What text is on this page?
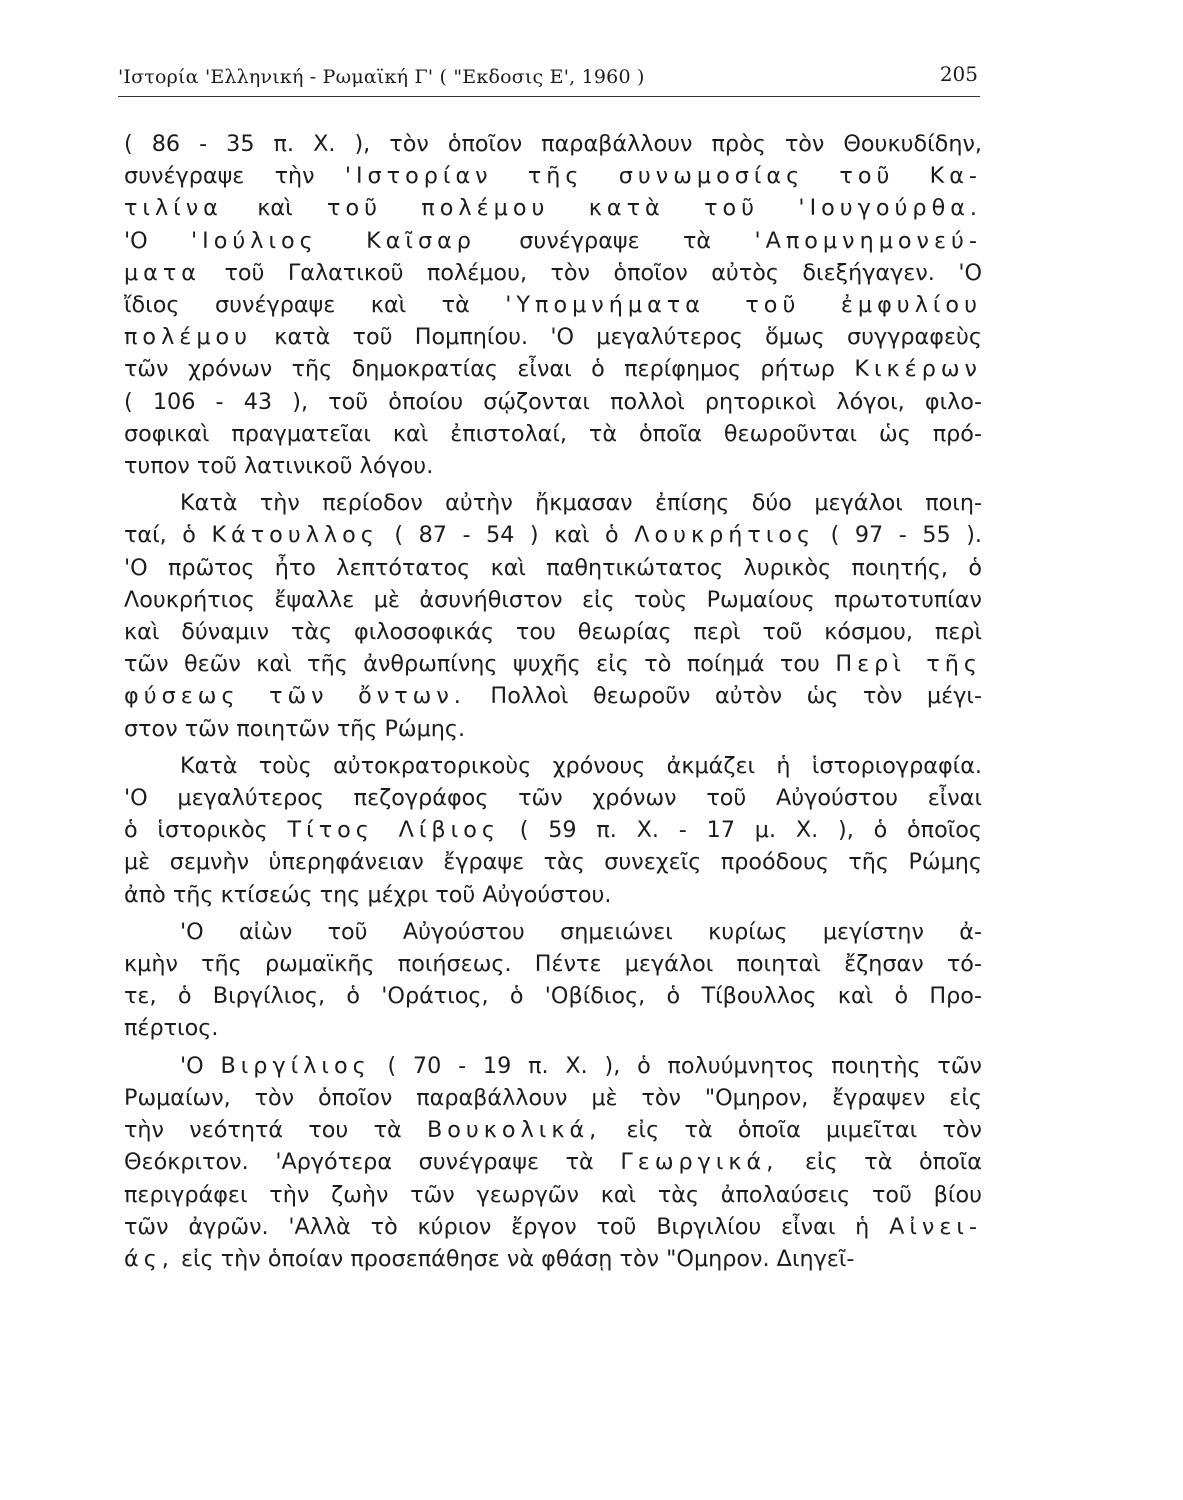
'Ιστορία 'Ελληνική - Ρωμαϊκή Γ' ( "Εκδοσις Ε', 1960 )	205

( 86 - 35 π. Χ. ), τὸν ὁποῖον παραβάλλουν πρὸς τὸν Θουκυδίδην,

συνέγραψε τὴν 'Ιστορίαν τῆς συνωμοσίας τοῦ Κα-

τιλίνα καὶ τοῦ πολέμου κατὰ τοῦ 'Ιουγούρθα.

'Ο 'Ιούλιος Καῖσαρ συνέγραψε τὰ 'Απομνημονεύ-

ματα τοῦ Γαλατικοῦ πολέμου, τὸν ὁποῖον αὐτὸς διεξήγαγεν. 'Ο

ἴδιος συνέγραψε καὶ τὰ 'Υπομνήματα τοῦ ἐμφυλίου

πολέμου κατὰ τοῦ Πομπηίου. 'Ο μεγαλύτερος ὅμως συγγραφεὺς

τῶν χρόνων τῆς δημοκρατίας εἶναι ὁ περίφημος ρήτωρ Κικέρων

( 106 - 43 ), τοῦ ὁποίου σῴζονται πολλοὶ ρητορικοὶ λόγοι, φιλο-

σοφικαὶ πραγματεῖαι καὶ ἐπιστολαί, τὰ ὁποῖα θεωροῦνται ὡς πρό-

τυπον τοῦ λατινικοῦ λόγου.

Κατὰ τὴν περίοδον αὐτὴν ἤκμασαν ἐπίσης δύο μεγάλοι ποιη-

ταί, ὁ Κάτουλλος ( 87 - 54 ) καὶ ὁ Λουκρήτιος ( 97 - 55 ).

'Ο πρῶτος ἦτο λεπτότατος καὶ παθητικώτατος λυρικὸς ποιητής, ὁ

Λουκρήτιος ἔψαλλε μὲ ἀσυνήθιστον εἰς τοὺς Ρωμαίους πρωτοτυπίαν

καὶ δύναμιν τὰς φιλοσοφικάς του θεωρίας περὶ τοῦ κόσμου, περὶ

τῶν θεῶν καὶ τῆς ἀνθρωπίνης ψυχῆς εἰς τὸ ποίημά του Περὶ τῆς

φύσεως τῶν ὄντων. Πολλοὶ θεωροῦν αὐτὸν ὡς τὸν μέγι-

στον τῶν ποιητῶν τῆς Ρώμης.

Κατὰ τοὺς αὐτοκρατορικοὺς χρόνους ἀκμάζει ἡ ἱστοριογραφία.

'Ο μεγαλύτερος πεζογράφος τῶν χρόνων τοῦ Αὐγούστου εἶναι

ὁ ἱστορικὸς Τίτος Λίβιος ( 59 π. Χ. - 17 μ. Χ. ), ὁ ὁποῖος

μὲ σεμνὴν ὑπερηφάνειαν ἔγραψε τὰς συνεχεῖς προόδους τῆς Ρώμης

ἀπὸ τῆς κτίσεώς της μέχρι τοῦ Αὐγούστου.

'Ο αἰὼν τοῦ Αὐγούστου σημειώνει κυρίως μεγίστην ἀ-

κμὴν τῆς ρωμαϊκῆς ποιήσεως. Πέντε μεγάλοι ποιηταὶ ἔζησαν τό-

τε, ὁ Βιργίλιος, ὁ 'Οράτιος, ὁ 'Οβίδιος, ὁ Τίβουλλος καὶ ὁ Προ-

πέρτιος.

'Ο Βιργίλιος ( 70 - 19 π. Χ. ), ὁ πολυύμνητος ποιητὴς τῶν

Ρωμαίων, τὸν ὁποῖον παραβάλλουν μὲ τὸν "Ομηρον, ἔγραψεν εἰς

τὴν νεότητά του τὰ Βουκολικά, εἰς τὰ ὁποῖα μιμεῖται τὸν

Θεόκριτον. 'Αργότερα συνέγραψε τὰ Γεωργικά, εἰς τὰ ὁποῖα

περιγράφει τὴν ζωὴν τῶν γεωργῶν καὶ τὰς ἀπολαύσεις τοῦ βίου

τῶν ἀγρῶν. 'Αλλὰ τὸ κύριον ἔργον τοῦ Βιργιλίου εἶναι ἡ Αἰνει-

άς, εἰς τὴν ὁποίαν προσεπάθησε νὰ φθάσῃ τὸν "Ομηρον. Διηγεῖ-
